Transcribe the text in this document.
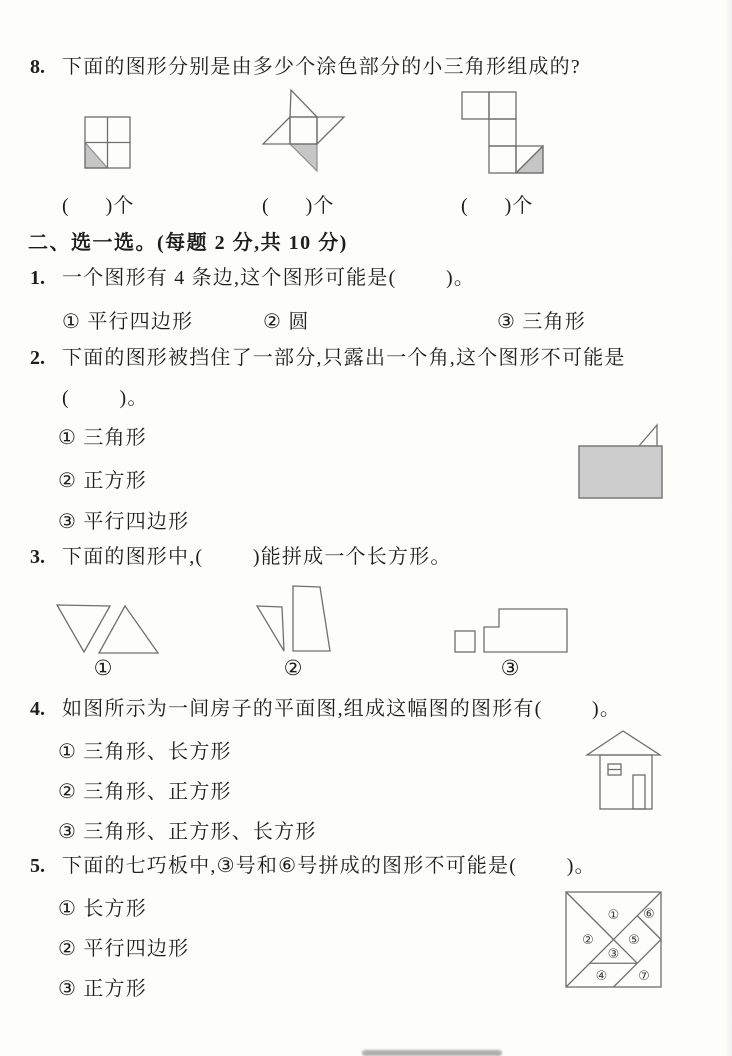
8. 下面的图形分别是由多少个涂色部分的小三角形组成的?
(      )个	(      )个	(      )个
二、选一选。(每题 2 分,共 10 分)
1. 一个图形有 4 条边,这个图形可能是(        )。
① 平行四边形	② 圆	③ 三角形
2. 下面的图形被挡住了一部分,只露出一个角,这个图形不可能是
(        )。
① 三角形
② 正方形
③ 平行四边形
3. 下面的图形中,(        )能拼成一个长方形。
①	②	③
4. 如图所示为一间房子的平面图,组成这幅图的图形有(        )。
① 三角形、长方形
② 三角形、正方形
③ 三角形、正方形、长方形
5. 下面的七巧板中,③号和⑥号拼成的图形不可能是(        )。
① 长方形
② 平行四边形
③ 正方形
①
②
③
④
⑤
⑥
⑦
